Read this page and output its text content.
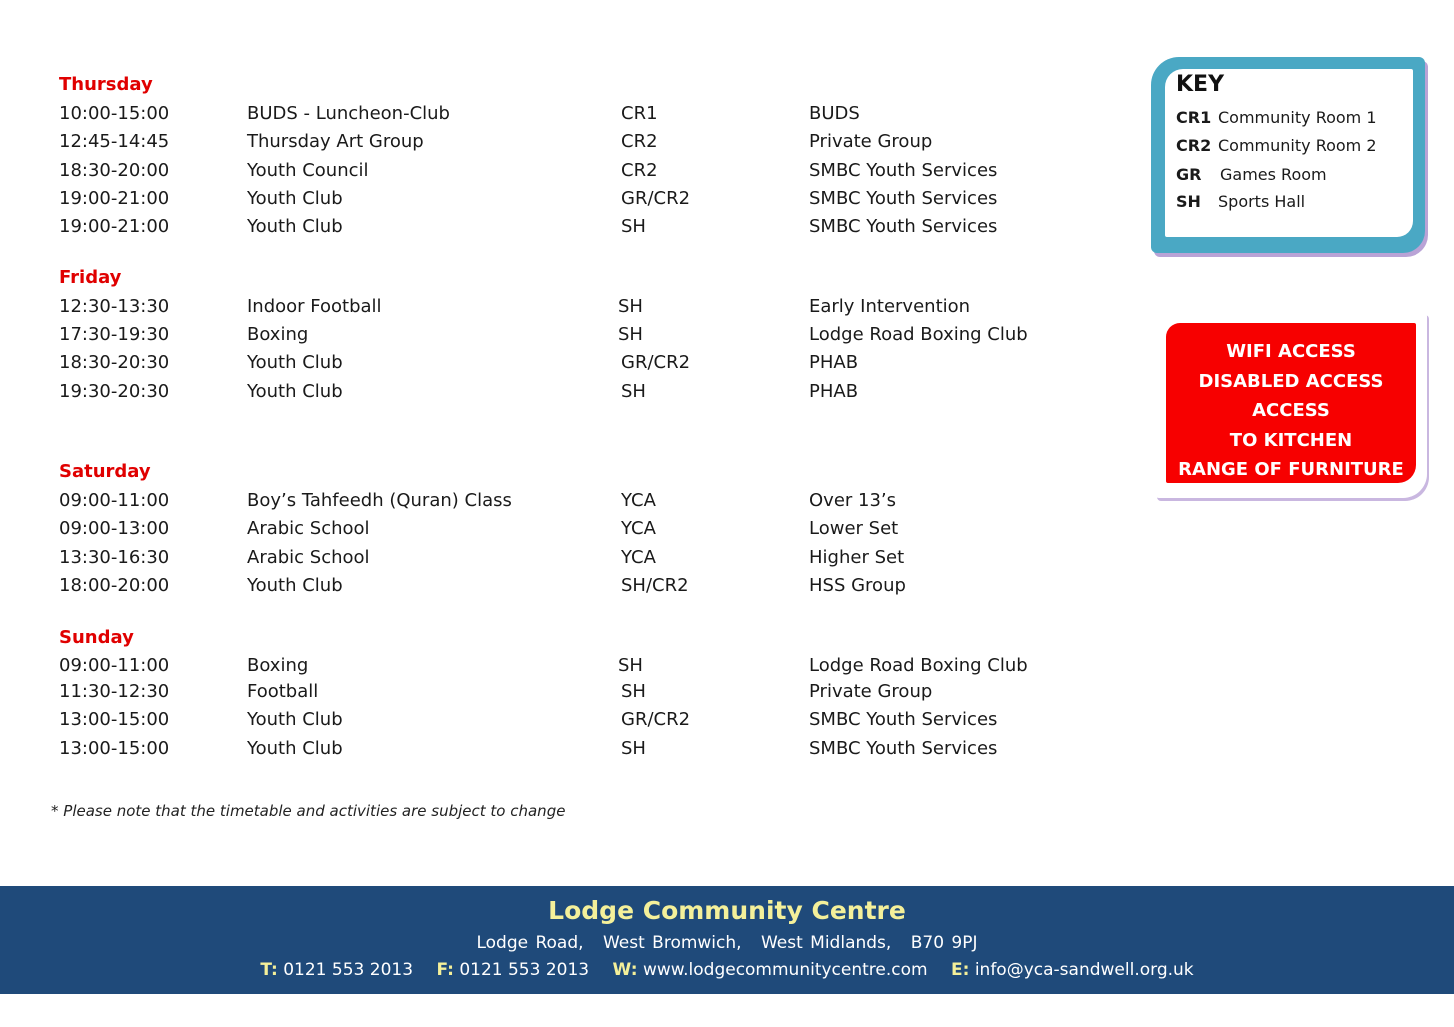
Thursday
10:00-15:00	BUDS - Luncheon-Club	CR1	BUDS
12:45-14:45	Thursday Art Group	CR2	Private Group
18:30-20:00	Youth Council	CR2	SMBC Youth Services
19:00-21:00	Youth Club	GR/CR2	SMBC Youth Services
19:00-21:00	Youth Club	SH	SMBC Youth Services
Friday
12:30-13:30	Indoor Football	SH	Early Intervention
17:30-19:30	Boxing	SH	Lodge Road Boxing Club
18:30-20:30	Youth Club	GR/CR2	PHAB
19:30-20:30	Youth Club	SH	PHAB
Saturday
09:00-11:00	Boy’s Tahfeedh (Quran) Class	YCA	Over 13’s
09:00-13:00	Arabic School	YCA	Lower Set
13:30-16:30	Arabic School	YCA	Higher Set
18:00-20:00	Youth Club	SH/CR2	HSS Group
Sunday
09:00-11:00	Boxing	SH	Lodge Road Boxing Club
11:30-12:30	Football	SH	Private Group
13:00-15:00	Youth Club	GR/CR2	SMBC Youth Services
13:00-15:00	Youth Club	SH	SMBC Youth Services
* Please note that the timetable and activities are subject to change
KEY
CR1 Community Room 1
CR2 Community Room 2
GR Games Room
SH Sports Hall
WIFI ACCESS
DISABLED ACCESS ACCESS
TO KITCHEN
RANGE OF FURNITURE
Lodge Community Centre
Lodge Road, West Bromwich, West Midlands, B70 9PJ
T: 0121 553 2013 F: 0121 553 2013 W: www.lodgecommunitycentre.com E: info@yca-sandwell.org.uk
